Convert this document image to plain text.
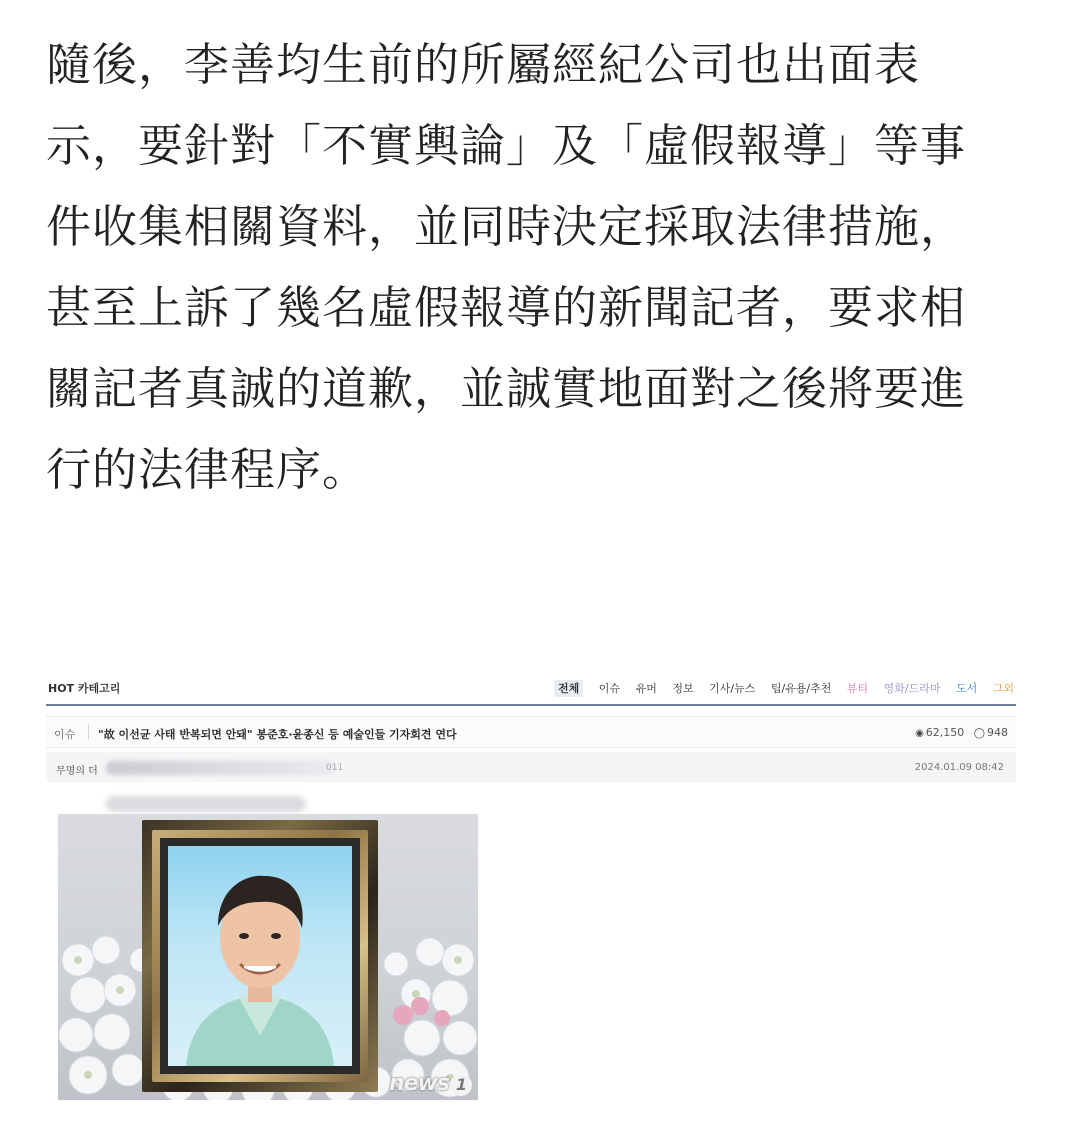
隨後，李善均生前的所屬經紀公司也出面表
示，要針對「不實輿論」及「虛假報導」等事
件收集相關資料，並同時決定採取法律措施，
甚至上訴了幾名虛假報導的新聞記者，要求相
關記者真誠的道歉，並誠實地面對之後將要進
行的法律程序。
HOT 카테고리	전체 이슈 유머 정보 기사/뉴스 팁/유용/추천 뷰티 영화/드라마 도서 그외
이슈 "故 이선균 사태 반복되면 안돼" 봉준호·윤종신 등 예술인들 기자회견 연다	◉ 62,150 ◯ 948
무명의 더	011	2024.01.09 08:42
news 1
